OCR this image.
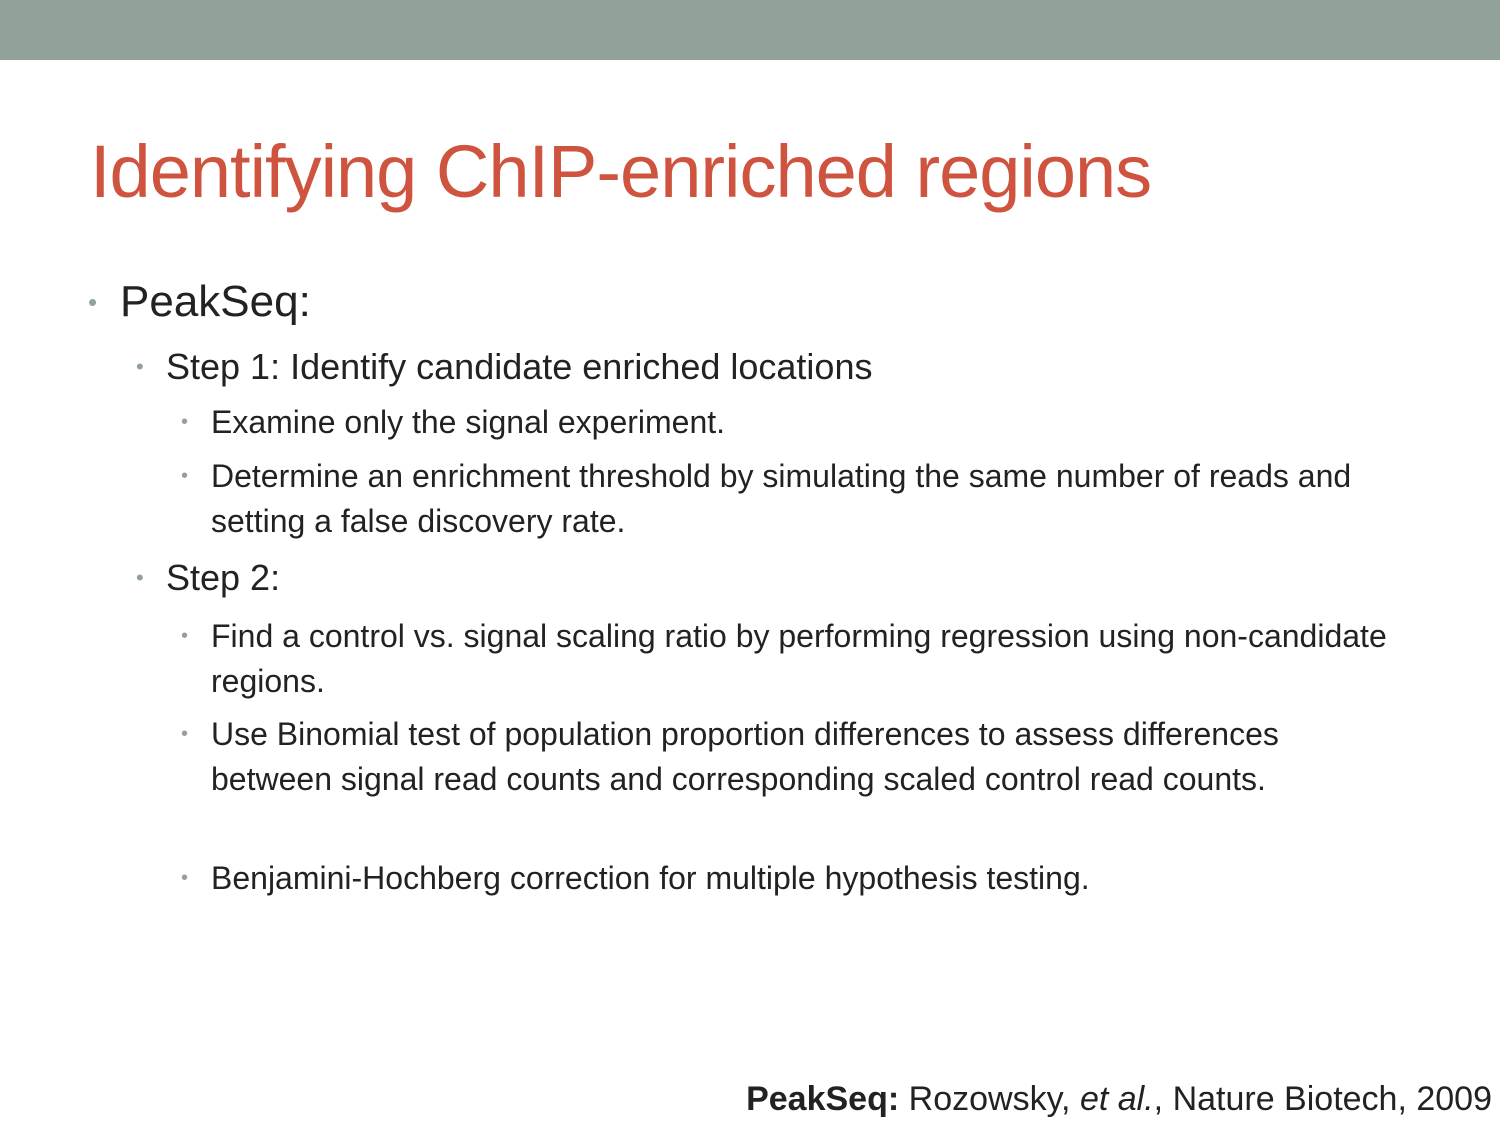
Identifying ChIP-enriched regions
• PeakSeq:
• Step 1: Identify candidate enriched locations
• Examine only the signal experiment.
• Determine an enrichment threshold by simulating the same number of reads and setting a false discovery rate.
• Step 2:
• Find a control vs. signal scaling ratio by performing regression using non-candidate regions.
• Use Binomial test of population proportion differences to assess differences between signal read counts and corresponding scaled control read counts.
• Benjamini-Hochberg correction for multiple hypothesis testing.
PeakSeq: Rozowsky, et al., Nature Biotech, 2009
